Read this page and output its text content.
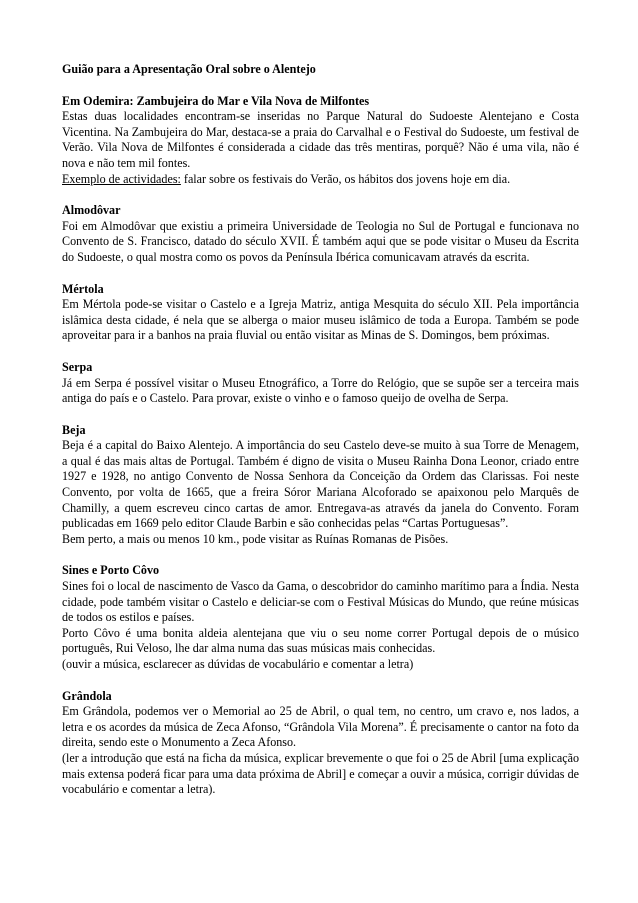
Guião para a Apresentação Oral sobre o Alentejo
Em Odemira: Zambujeira do Mar e Vila Nova de Milfontes
Estas duas localidades encontram-se inseridas no Parque Natural do Sudoeste Alentejano e Costa Vicentina. Na Zambujeira do Mar, destaca-se a praia do Carvalhal e o Festival do Sudoeste, um festival de Verão. Vila Nova de Milfontes é considerada a cidade das três mentiras, porquê? Não é uma vila, não é nova e não tem mil fontes.
Exemplo de actividades: falar sobre os festivais do Verão, os hábitos dos jovens hoje em dia.
Almodôvar
Foi em Almodôvar que existiu a primeira Universidade de Teologia no Sul de Portugal e funcionava no Convento de S. Francisco, datado do século XVII. É também aqui que se pode visitar o Museu da Escrita do Sudoeste, o qual mostra como os povos da Península Ibérica comunicavam através da escrita.
Mértola
Em Mértola pode-se visitar o Castelo e a Igreja Matriz, antiga Mesquita do século XII. Pela importância islâmica desta cidade, é nela que se alberga o maior museu islâmico de toda a Europa. Também se pode aproveitar para ir a banhos na praia fluvial ou então visitar as Minas de S. Domingos, bem próximas.
Serpa
Já em Serpa é possível visitar o Museu Etnográfico, a Torre do Relógio, que se supõe ser a terceira mais antiga do país e o Castelo. Para provar, existe o vinho e o famoso queijo de ovelha de Serpa.
Beja
Beja é a capital do Baixo Alentejo. A importância do seu Castelo deve-se muito à sua Torre de Menagem, a qual é das mais altas de Portugal. Também é digno de visita o Museu Rainha Dona Leonor, criado entre 1927 e 1928, no antigo Convento de Nossa Senhora da Conceição da Ordem das Clarissas. Foi neste Convento, por volta de 1665, que a freira Sóror Mariana Alcoforado se apaixonou pelo Marquês de Chamilly, a quem escreveu cinco cartas de amor. Entregava-as através da janela do Convento. Foram publicadas em 1669 pelo editor Claude Barbin e são conhecidas pelas “Cartas Portuguesas”.
Bem perto, a mais ou menos 10 km., pode visitar as Ruínas Romanas de Pisões.
Sines e Porto Côvo
Sines foi o local de nascimento de Vasco da Gama, o descobridor do caminho marítimo para a Índia. Nesta cidade, pode também visitar o Castelo e deliciar-se com o Festival Músicas do Mundo, que reúne músicas de todos os estilos e países.
Porto Côvo é uma bonita aldeia alentejana que viu o seu nome correr Portugal depois de o músico português, Rui Veloso, lhe dar alma numa das suas músicas mais conhecidas.
(ouvir a música, esclarecer as dúvidas de vocabulário e comentar a letra)
Grândola
Em Grândola, podemos ver o Memorial ao 25 de Abril, o qual tem, no centro, um cravo e, nos lados, a letra e os acordes da música de Zeca Afonso, “Grândola Vila Morena”. É precisamente o cantor na foto da direita, sendo este o Monumento a Zeca Afonso.
(ler a introdução que está na ficha da música, explicar brevemente o que foi o 25 de Abril [uma explicação mais extensa poderá ficar para uma data próxima de Abril] e começar a ouvir a música, corrigir dúvidas de vocabulário e comentar a letra).
